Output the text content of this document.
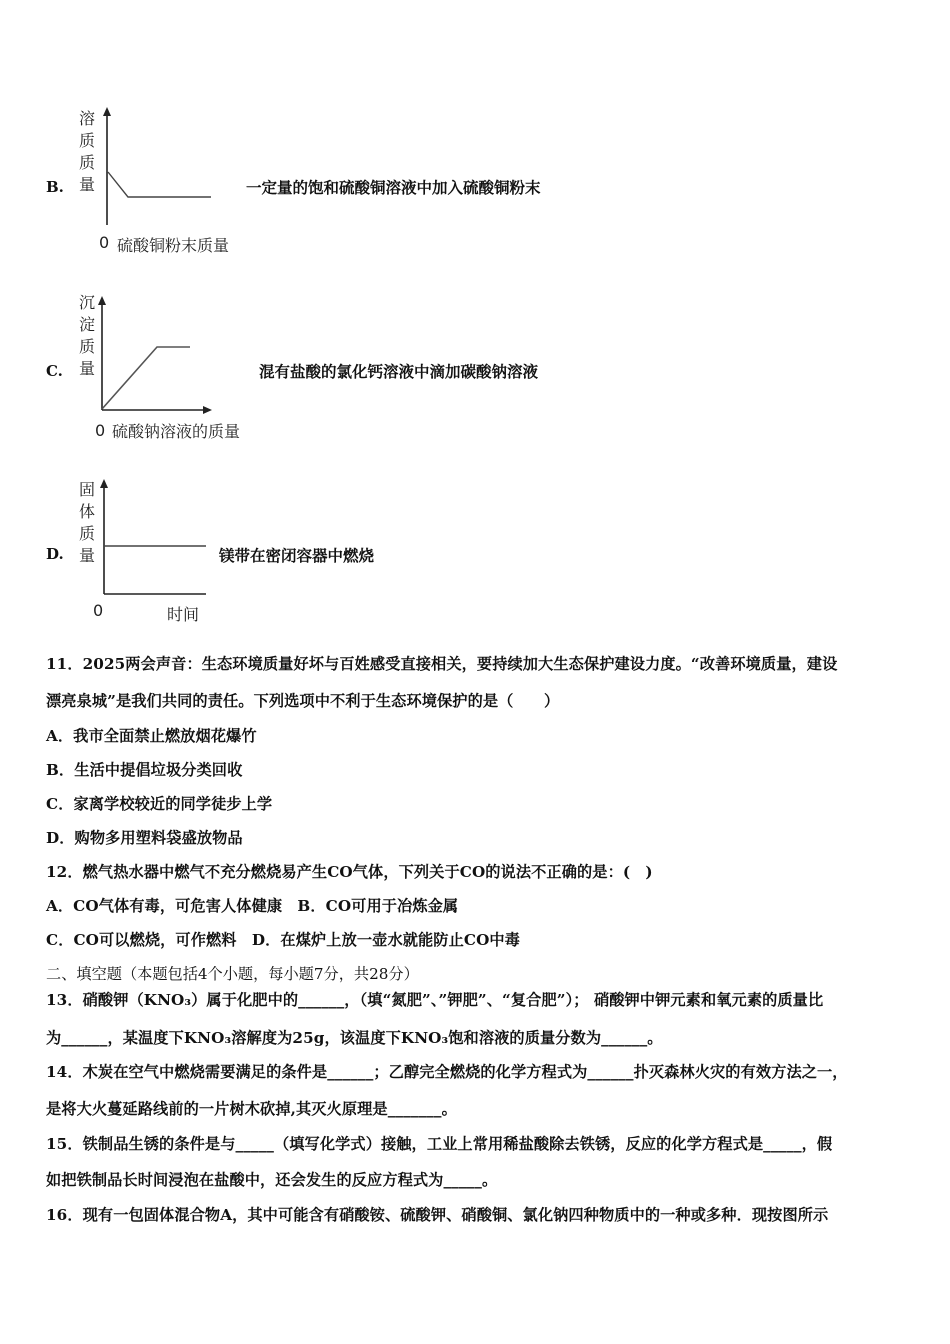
B.
溶
质
质
量
0 硫酸铜粉末质量
一定量的饱和硫酸铜溶液中加入硫酸铜粉末
C.
沉
淀
质
量
0 硫酸钠溶液的质量
混有盐酸的氯化钙溶液中滴加碳酸钠溶液
D.
固
体
质
量
0	时间
镁带在密闭容器中燃烧
11．2025两会声音：生态环境质量好坏与百姓感受直接相关，要持续加大生态保护建设力度。“改善环境质量，建设
漂亮泉城”是我们共同的责任。下列选项中不利于生态环境保护的是（　　）
A．我市全面禁止燃放烟花爆竹
B．生活中提倡垃圾分类回收
C．家离学校较近的同学徒步上学
D．购物多用塑料袋盛放物品
12．燃气热水器中燃气不充分燃烧易产生CO气体，下列关于CO的说法不正确的是：(　)
A．CO气体有毒，可危害人体健康　B．CO可用于冶炼金属
C．CO可以燃烧，可作燃料　D．在煤炉上放一壶水就能防止CO中毒
二、填空题（本题包括4个小题，每小题7分，共28分）
13．硝酸钾（KNO₃）属于化肥中的______，（填“氮肥”、”钾肥”、“复合肥”）； 硝酸钾中钾元素和氧元素的质量比
为______，某温度下KNO₃溶解度为25g，该温度下KNO₃饱和溶液的质量分数为______。
14．木炭在空气中燃烧需要满足的条件是______；乙醇完全燃烧的化学方程式为______扑灭森林火灾的有效方法之一，
是将大火蔓延路线前的一片树木砍掉,其灭火原理是_______。
15．铁制品生锈的条件是与_____（填写化学式）接触，工业上常用稀盐酸除去铁锈，反应的化学方程式是_____，假
如把铁制品长时间浸泡在盐酸中，还会发生的反应方程式为_____。
16．现有一包固体混合物A，其中可能含有硝酸铵、硫酸钾、硝酸铜、氯化钠四种物质中的一种或多种．现按图所示
